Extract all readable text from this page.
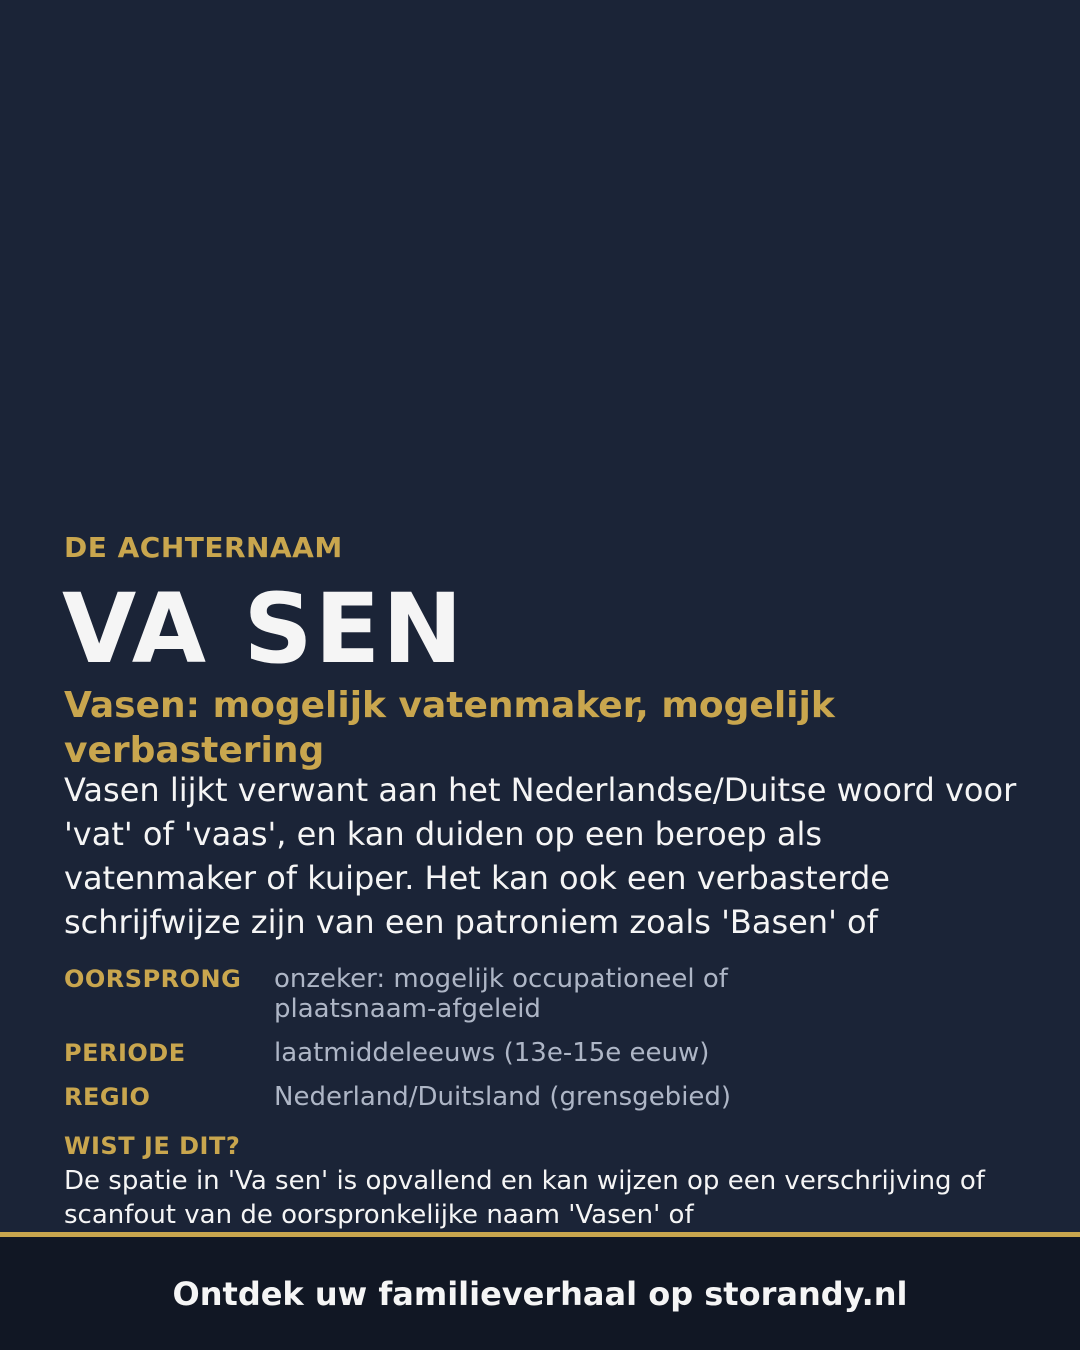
DE ACHTERNAAM
VA SEN
Vasen: mogelijk vatenmaker, mogelijk verbastering
Vasen lijkt verwant aan het Nederlandse/Duitse woord voor 'vat' of 'vaas', en kan duiden op een beroep als vatenmaker of kuiper. Het kan ook een verbasterde schrijfwijze zijn van een patroniem zoals 'Basen' of
OORSPRONG	onzeker: mogelijk occupationeel of plaatsnaam-afgeleid
PERIODE	laatmiddeleeuws (13e-15e eeuw)
REGIO	Nederland/Duitsland (grensgebied)
WIST JE DIT?
De spatie in 'Va sen' is opvallend en kan wijzen op een verschrijving of scanfout van de oorspronkelijke naam 'Vasen' of
Ontdek uw familieverhaal op storandy.nl
